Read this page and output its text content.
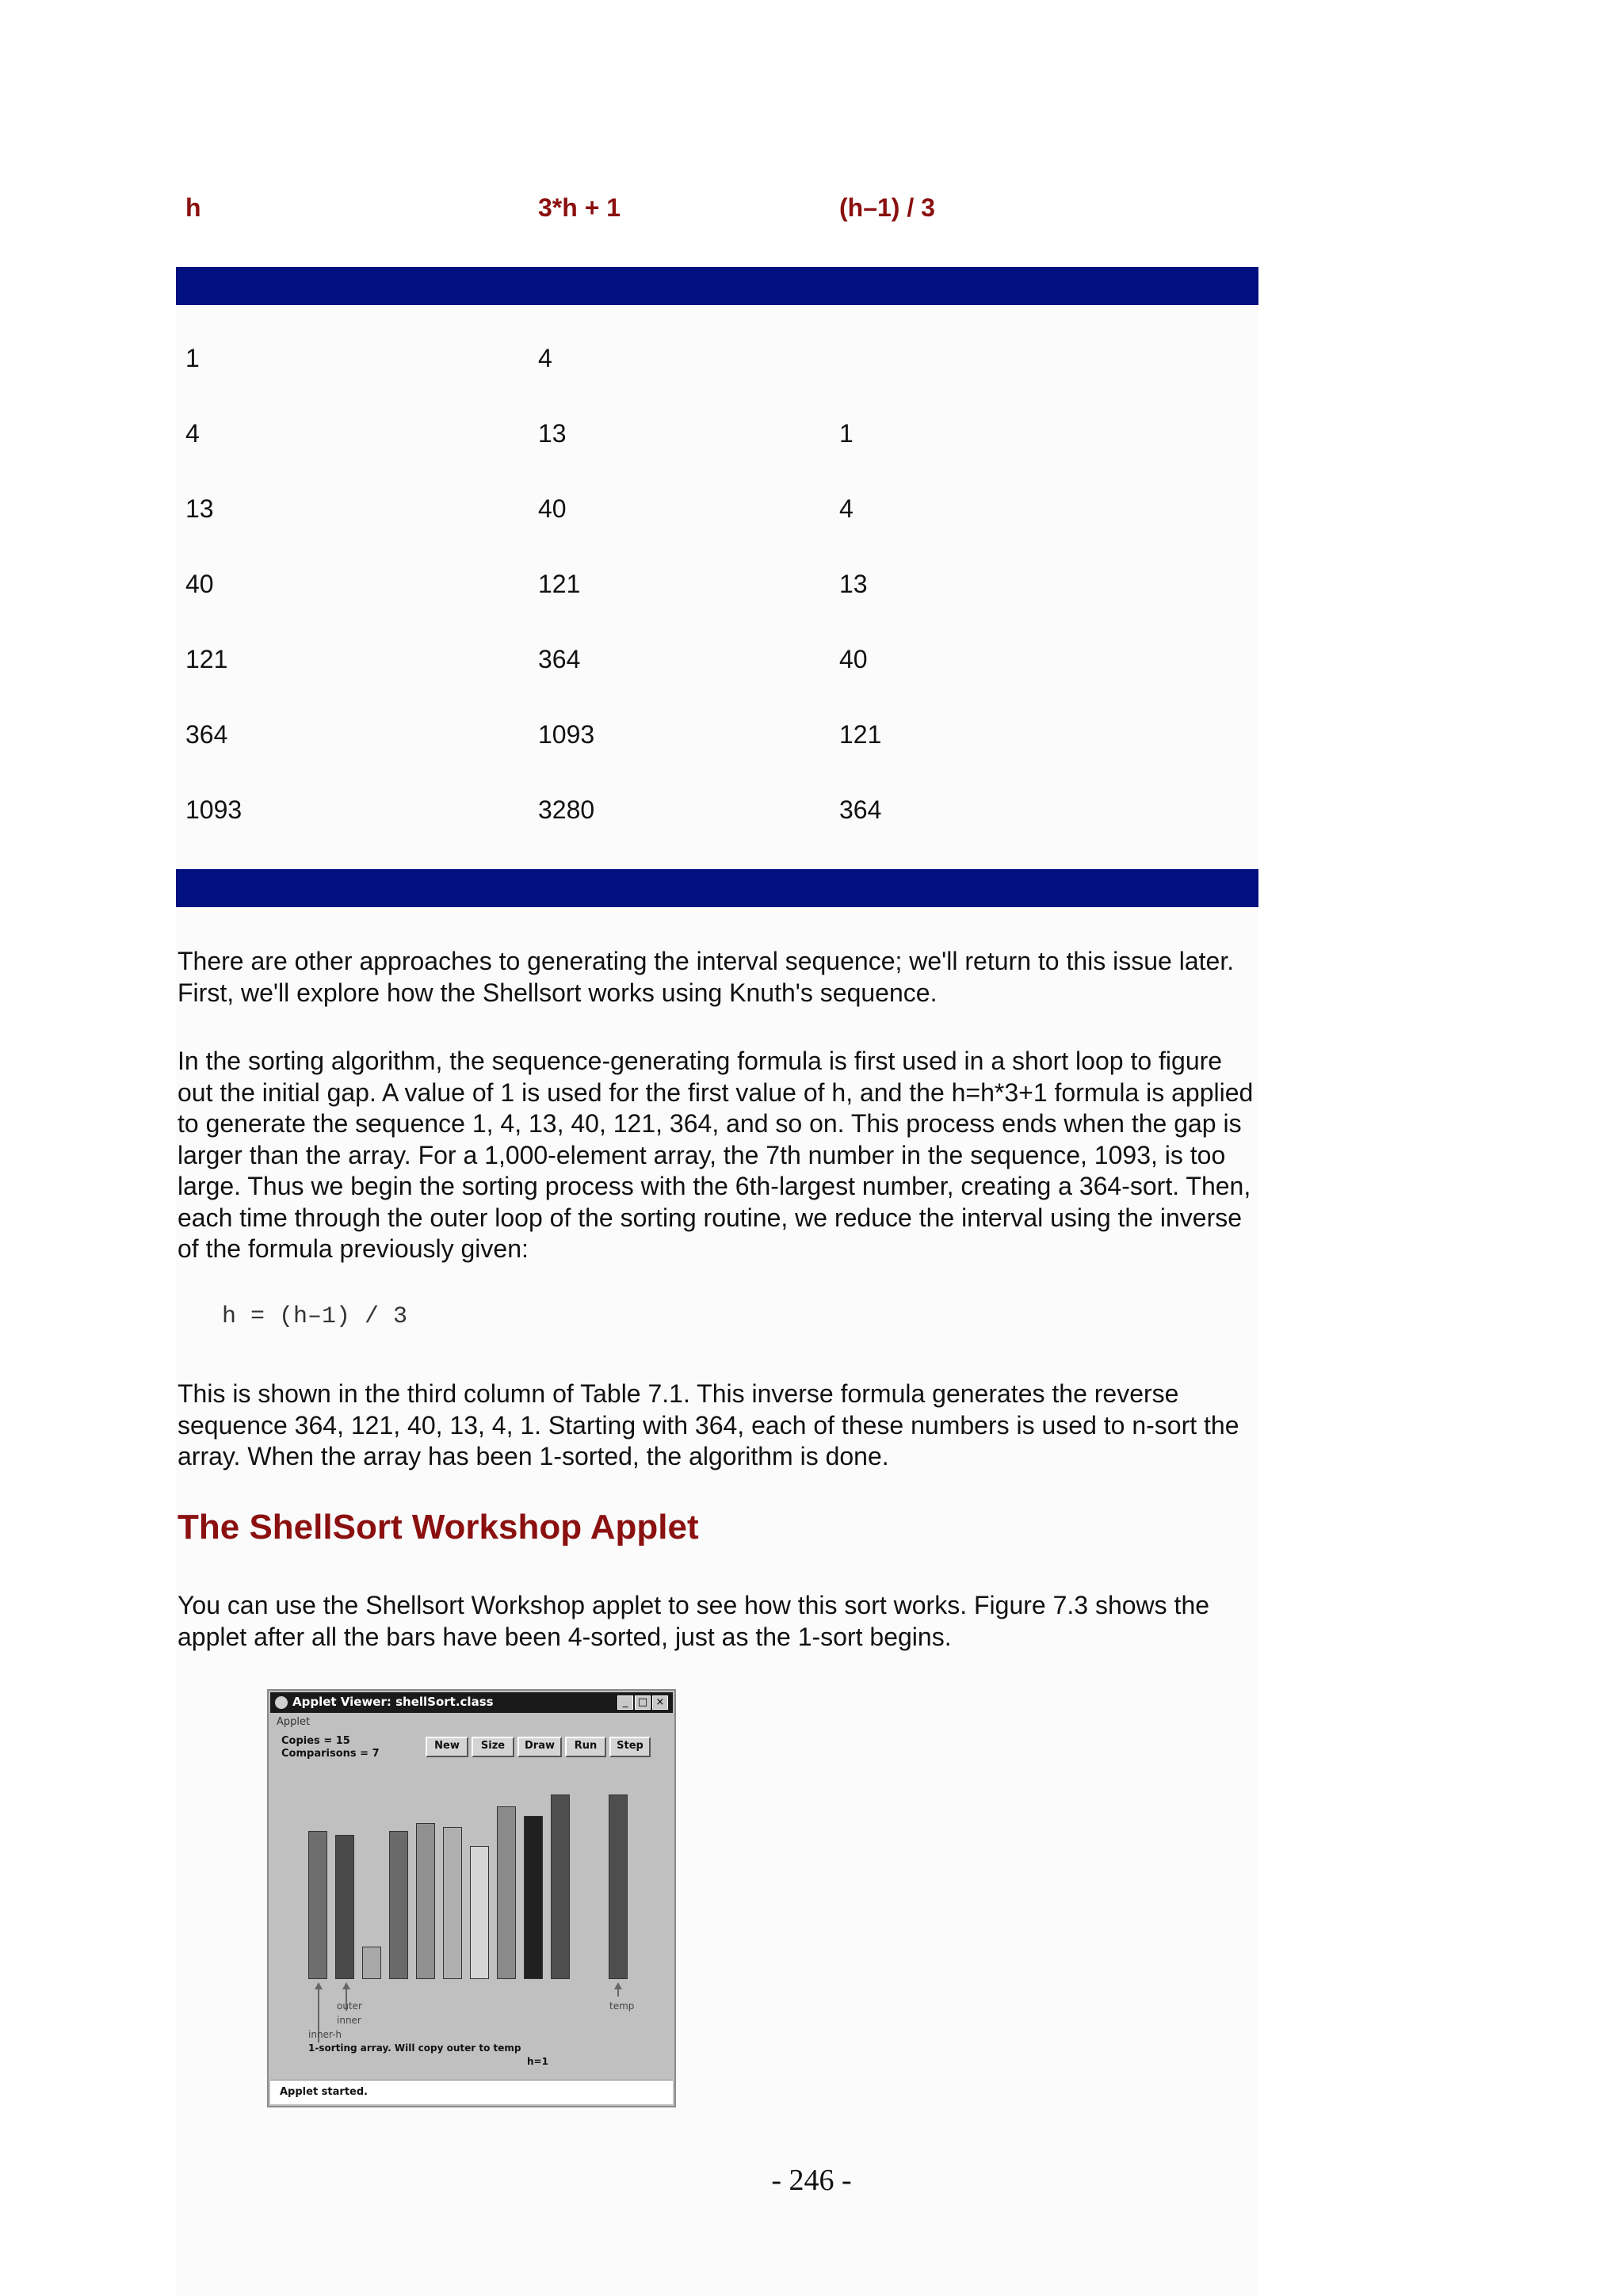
h	3*h + 1	(h–1) / 3
1	4
4	13	1
13	40	4
40	121	13
121	364	40
364	1093	121
1093	3280	364
There are other approaches to generating the interval sequence; we'll return to this issue later. First, we'll explore how the Shellsort works using Knuth's sequence.
In the sorting algorithm, the sequence-generating formula is first used in a short loop to figure out the initial gap. A value of 1 is used for the first value of h, and the h=h*3+1 formula is applied to generate the sequence 1, 4, 13, 40, 121, 364, and so on. This process ends when the gap is larger than the array. For a 1,000-element array, the 7th number in the sequence, 1093, is too large. Thus we begin the sorting process with the 6th-largest number, creating a 364-sort. Then, each time through the outer loop of the sorting routine, we reduce the interval using the inverse of the formula previously given:
h = (h–1) / 3
This is shown in the third column of Table 7.1. This inverse formula generates the reverse sequence 364, 121, 40, 13, 4, 1. Starting with 364, each of these numbers is used to n-sort the array. When the array has been 1-sorted, the algorithm is done.
The ShellSort Workshop Applet
You can use the Shellsort Workshop applet to see how this sort works. Figure 7.3 shows the applet after all the bars have been 4-sorted, just as the 1-sort begins.
Applet Viewer: shellSort.class	_ □ ×
Applet
Copies = 15
Comparisons = 7
New	Size	Draw	Run	Step
outer
inner
inner-h
temp
1-sorting array. Will copy outer to temp
h=1
Applet started.
- 246 -
